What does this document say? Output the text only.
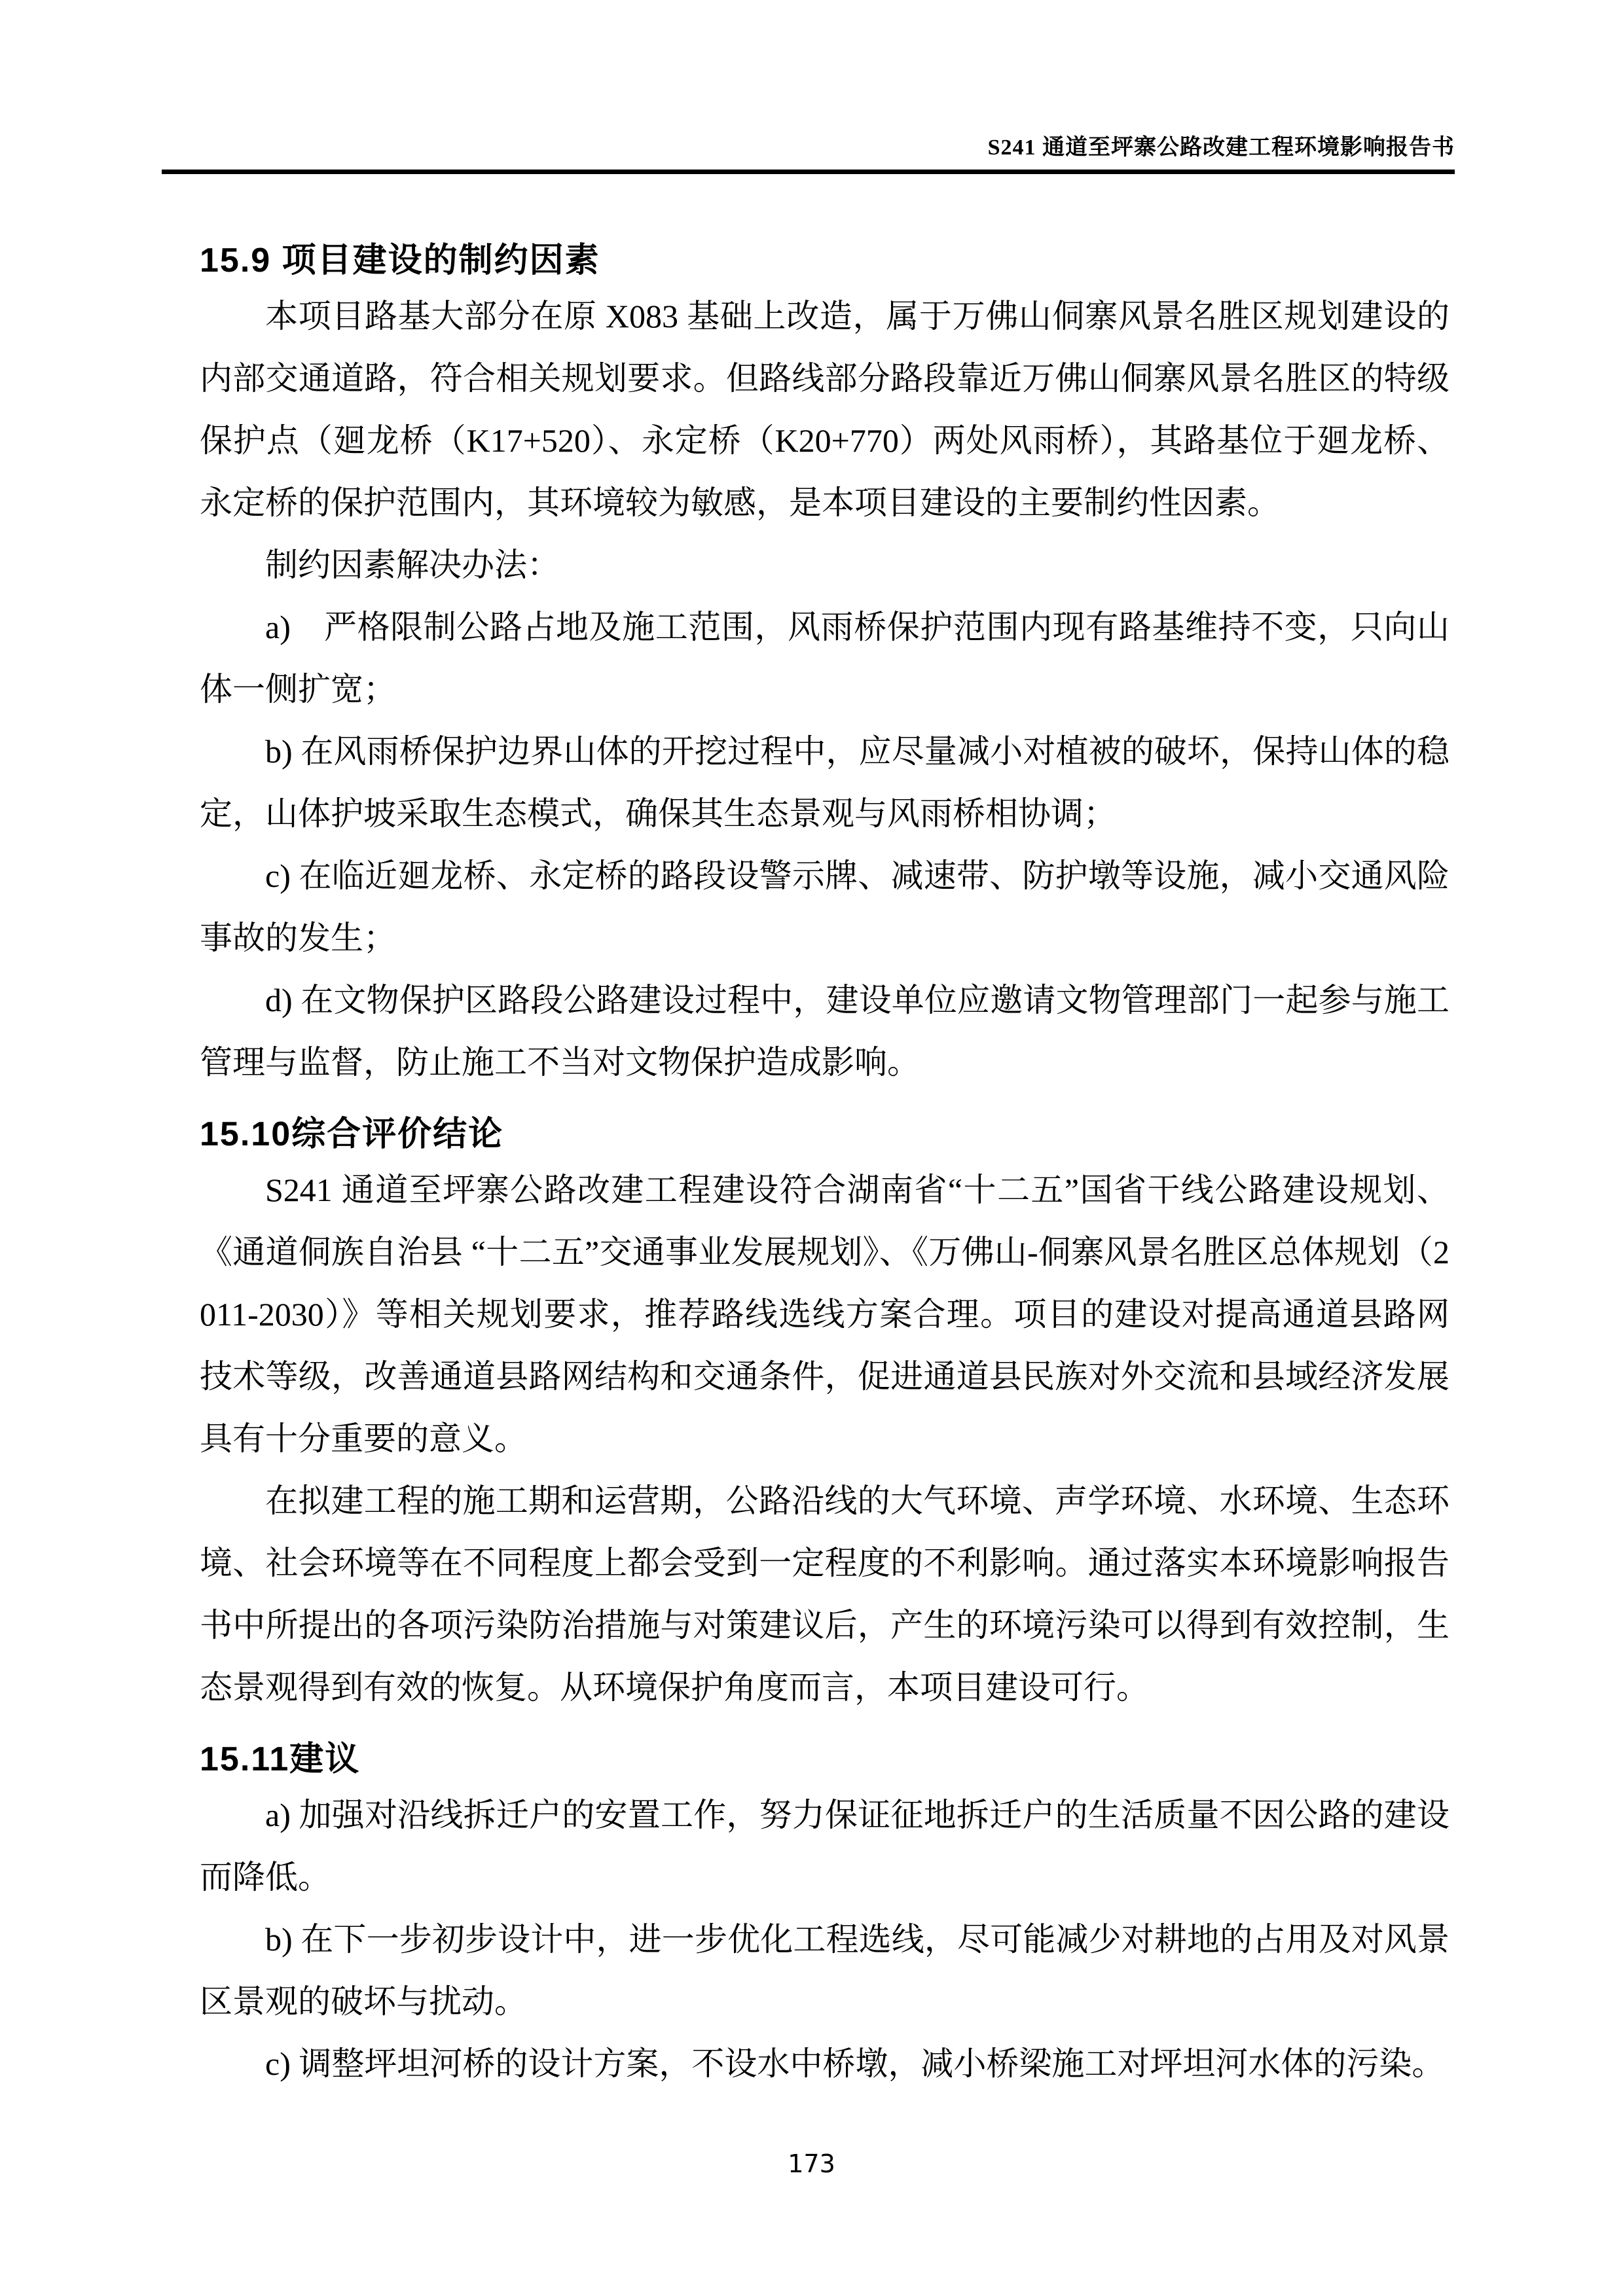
S241 通道至坪寨公路改建工程环境影响报告书
15.9 项目建设的制约因素

本项目路基大部分在原 X083 基础上改造，属于万佛山侗寨风景名胜区规划建设的内部交通道路，符合相关规划要求。但路线部分路段靠近万佛山侗寨风景名胜区的特级保护点（廻龙桥（K17+520）、永定桥（K20+770）两处风雨桥），其路基位于廻龙桥、永定桥的保护范围内，其环境较为敏感，是本项目建设的主要制约性因素。

制约因素解决办法：

a)　严格限制公路占地及施工范围，风雨桥保护范围内现有路基维持不变，只向山体一侧扩宽；

b) 在风雨桥保护边界山体的开挖过程中，应尽量减小对植被的破坏，保持山体的稳定，山体护坡采取生态模式，确保其生态景观与风雨桥相协调；

c) 在临近廻龙桥、永定桥的路段设警示牌、减速带、防护墩等设施，减小交通风险事故的发生；

d) 在文物保护区路段公路建设过程中，建设单位应邀请文物管理部门一起参与施工管理与监督，防止施工不当对文物保护造成影响。

15.10综合评价结论

S241 通道至坪寨公路改建工程建设符合湖南省“十二五”国省干线公路建设规划、《通道侗族自治县 “十二五”交通事业发展规划》、《万佛山-侗寨风景名胜区总体规划（2011-2030）》等相关规划要求，推荐路线选线方案合理。项目的建设对提高通道县路网技术等级，改善通道县路网结构和交通条件，促进通道县民族对外交流和县域经济发展具有十分重要的意义。

在拟建工程的施工期和运营期，公路沿线的大气环境、声学环境、水环境、生态环境、社会环境等在不同程度上都会受到一定程度的不利影响。通过落实本环境影响报告书中所提出的各项污染防治措施与对策建议后，产生的环境污染可以得到有效控制，生态景观得到有效的恢复。从环境保护角度而言，本项目建设可行。

15.11建议

a) 加强对沿线拆迁户的安置工作，努力保证征地拆迁户的生活质量不因公路的建设而降低。

b) 在下一步初步设计中，进一步优化工程选线，尽可能减少对耕地的占用及对风景区景观的破坏与扰动。

c) 调整坪坦河桥的设计方案，不设水中桥墩，减小桥梁施工对坪坦河水体的污染。

173
